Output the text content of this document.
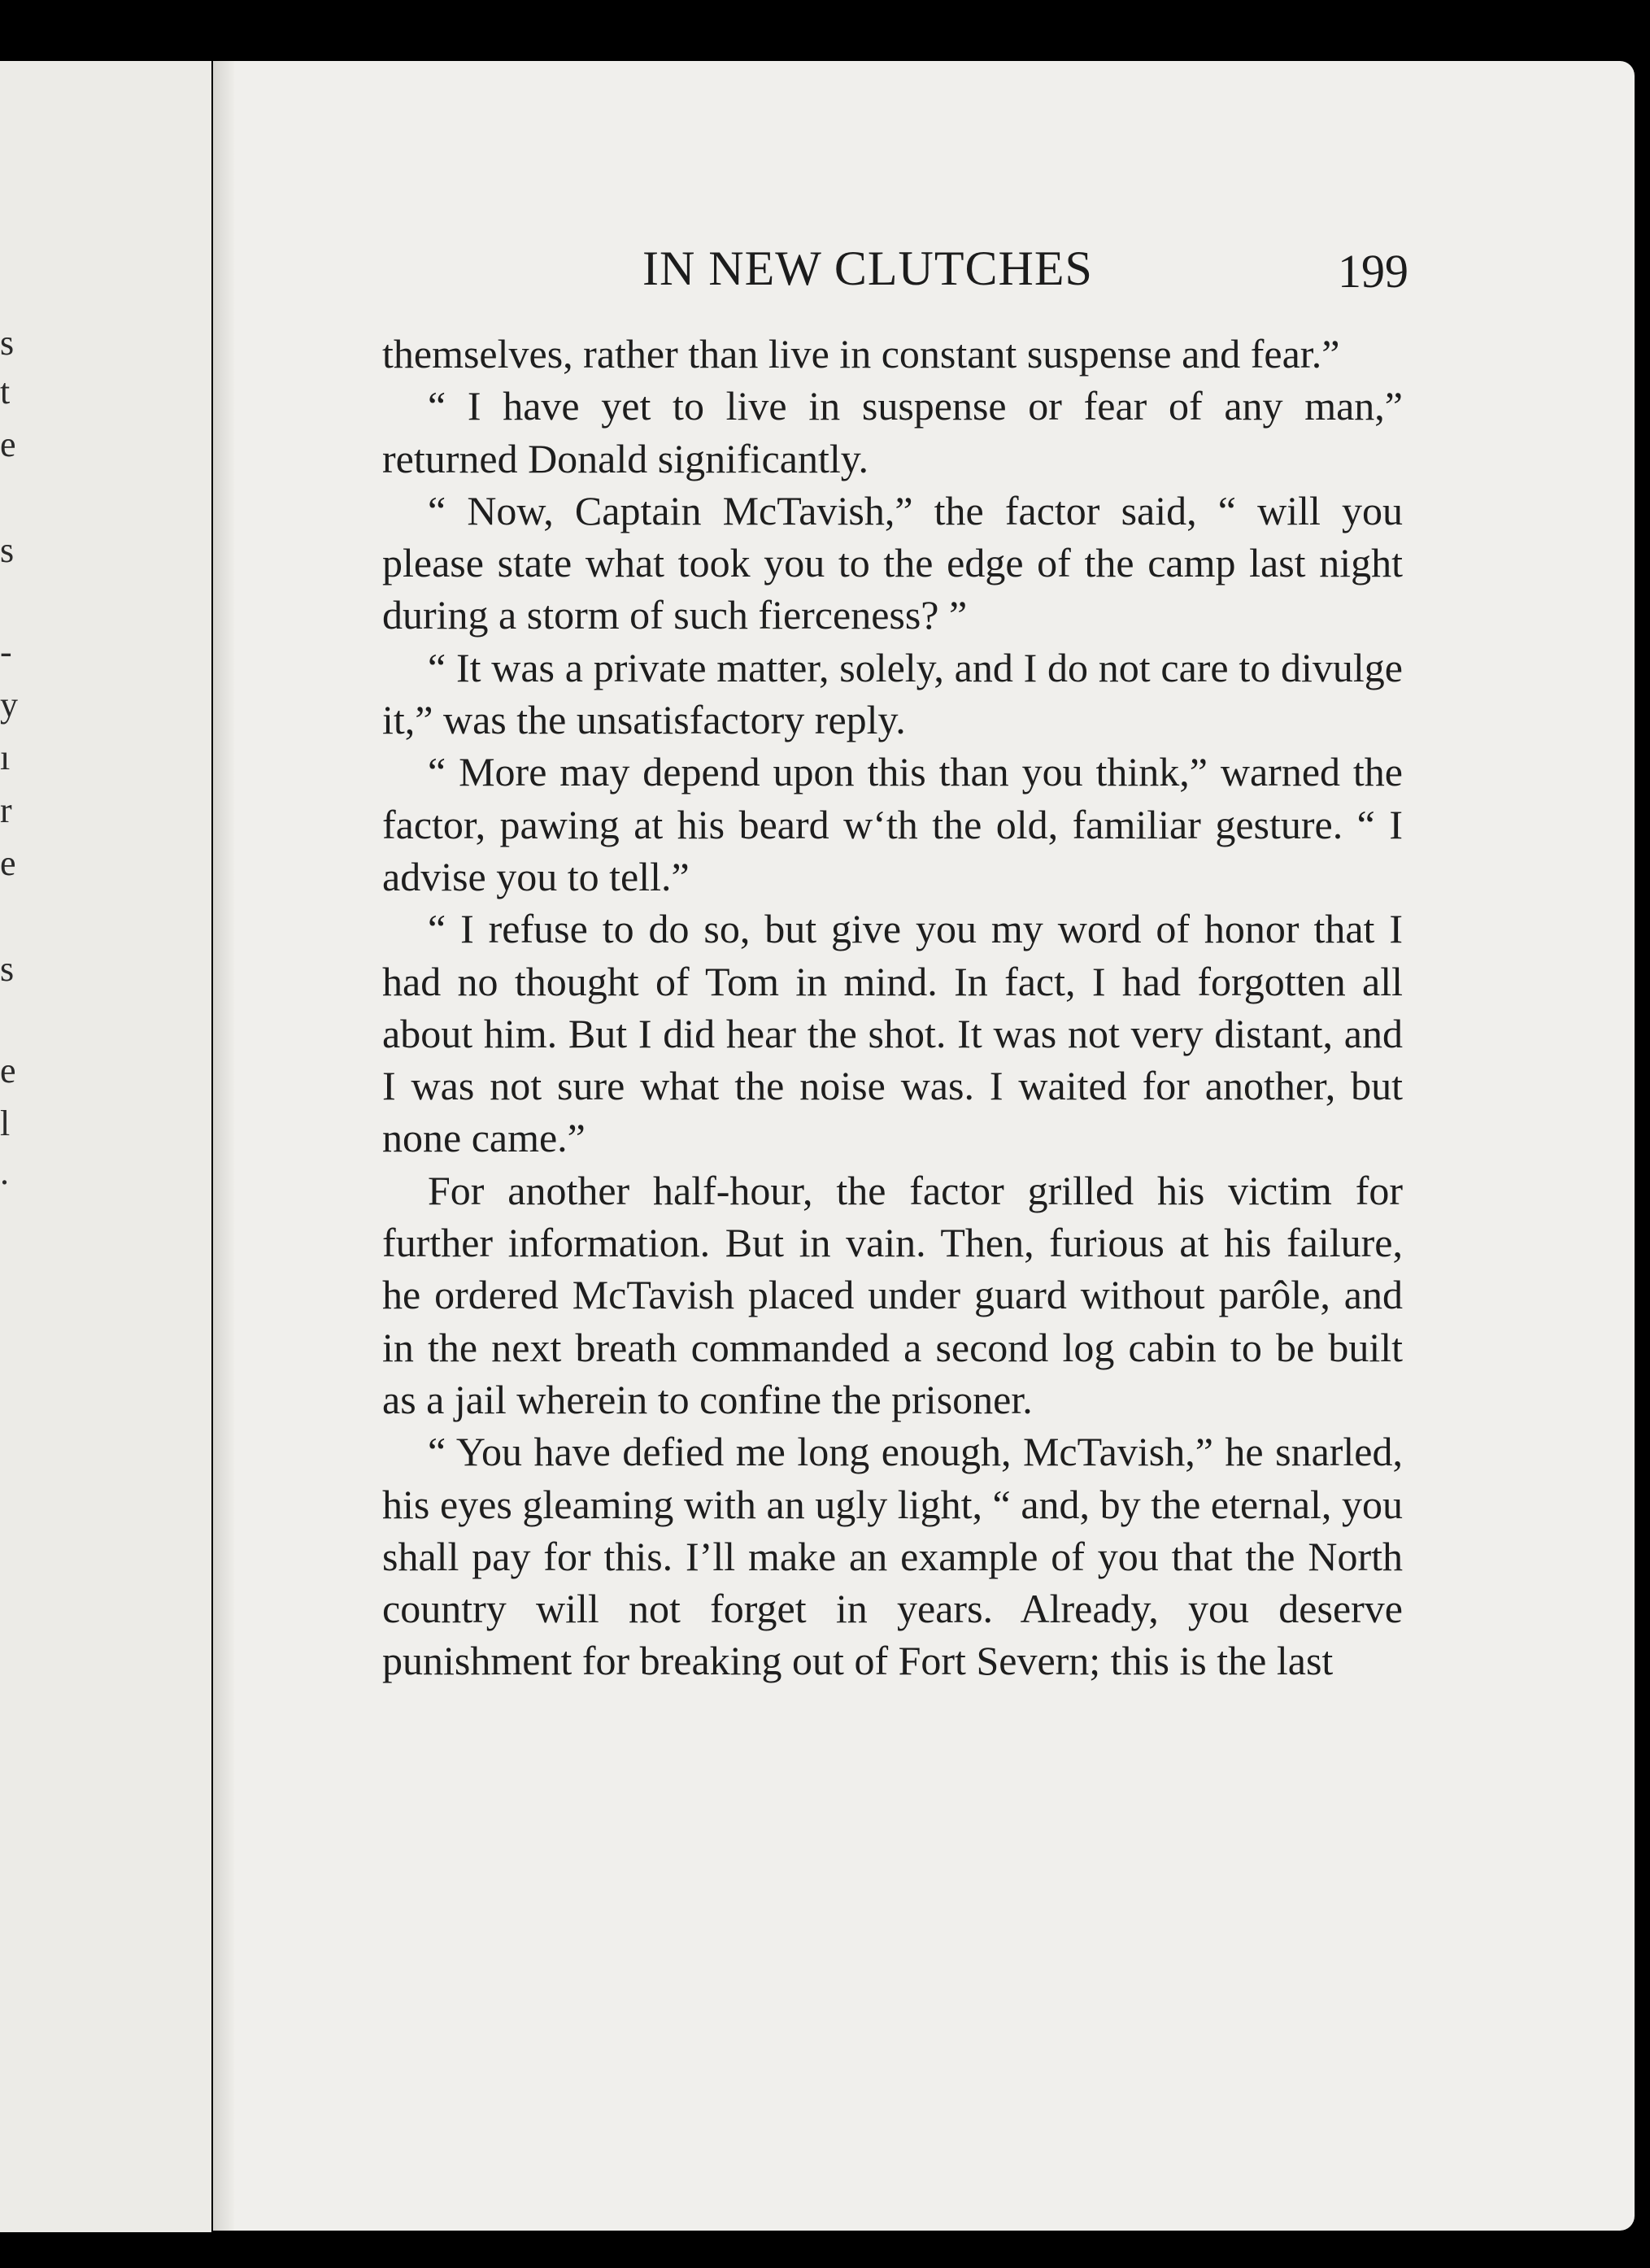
s
t
e
s
-
y
ı
r
e
s
e
l
.
IN NEW CLUTCHES	199

themselves, rather than live in constant suspense and fear.”

“ I have yet to live in suspense or fear of any man,” returned Donald significantly.

“ Now, Captain McTavish,” the factor said, “ will you please state what took you to the edge of the camp last night during a storm of such fierceness? ”

“ It was a private matter, solely, and I do not care to divulge it,” was the unsatisfactory reply.

“ More may depend upon this than you think,” warned the factor, pawing at his beard w‘th the old, familiar gesture. “ I advise you to tell.”

“ I refuse to do so, but give you my word of honor that I had no thought of Tom in mind. In fact, I had forgotten all about him. But I did hear the shot. It was not very distant, and I was not sure what the noise was. I waited for another, but none came.”

For another half-hour, the factor grilled his victim for further information. But in vain. Then, furious at his failure, he ordered McTavish placed under guard without parôle, and in the next breath commanded a second log cabin to be built as a jail wherein to confine the prisoner.

“ You have defied me long enough, McTavish,” he snarled, his eyes gleaming with an ugly light, “ and, by the eternal, you shall pay for this. I’ll make an example of you that the North country will not forget in years. Already, you deserve punishment for breaking out of Fort Severn; this is the last
